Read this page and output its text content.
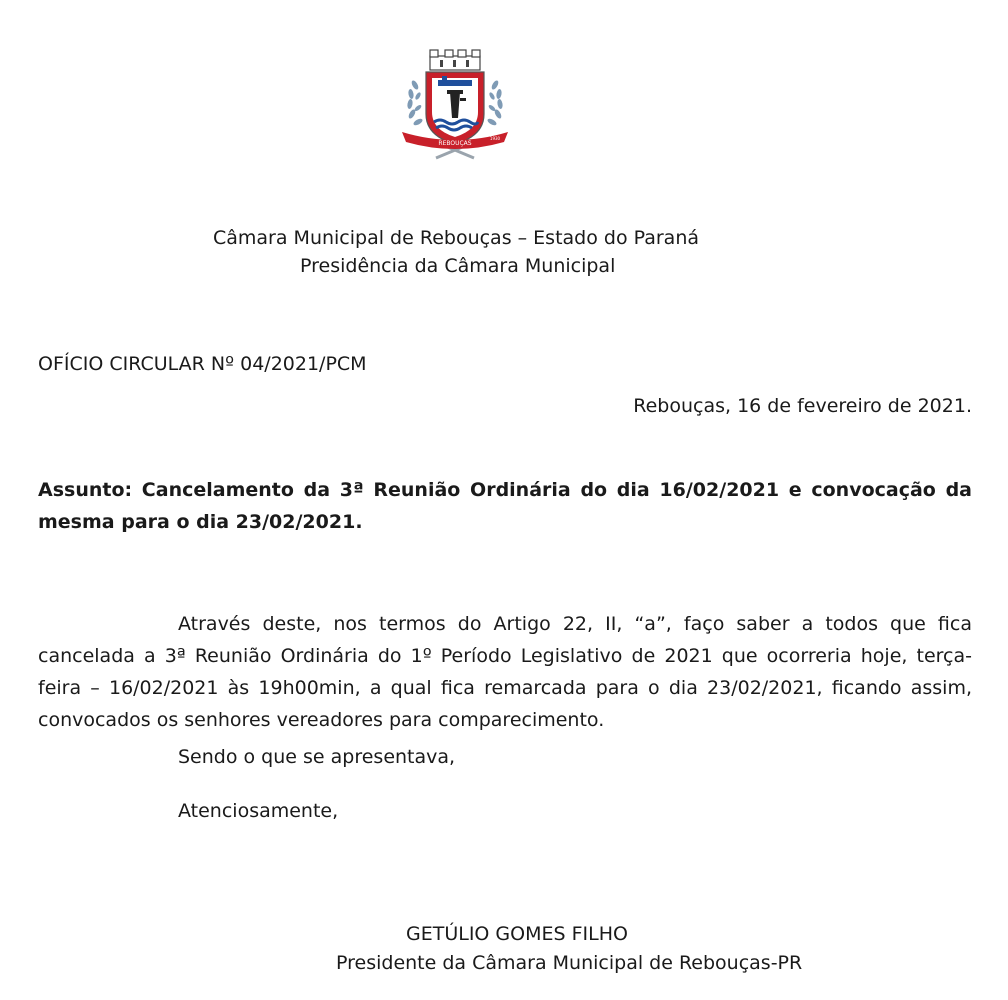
REBOUÇAS
1930
Câmara Municipal de Rebouças – Estado do Paraná
Presidência da Câmara Municipal
OFÍCIO CIRCULAR Nº 04/2021/PCM
Rebouças, 16 de fevereiro de 2021.
Assunto: Cancelamento da 3ª Reunião Ordinária do dia 16/02/2021 e convocação da mesma para o dia 23/02/2021.
Através deste, nos termos do Artigo 22, II, “a”, faço saber a todos que fica cancelada a 3ª Reunião Ordinária do 1º Período Legislativo de 2021 que ocorreria hoje, terça-feira – 16/02/2021 às 19h00min, a qual fica remarcada para o dia 23/02/2021, ficando assim, convocados os senhores vereadores para comparecimento.
Sendo o que se apresentava,
Atenciosamente,
GETÚLIO GOMES FILHO
Presidente da Câmara Municipal de Rebouças-PR
